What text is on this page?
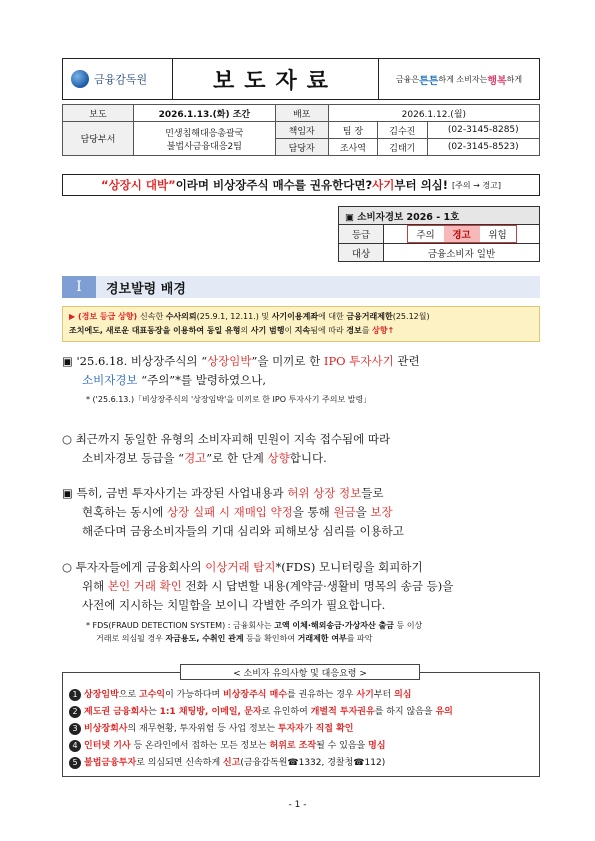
금융감독원	보도자료	금융은 튼튼 하게 소비자는 행복 하게
보도	2026.1.13.(화) 조간	배포	2026.1.12.(월)		
담당부서	민생침해대응총괄국
불법사금융대응2팀	책임자	팀 장	김수진	(02-3145-8285)
		담당자	조사역	김태기	(02-3145-8523)
“상장시 대박” 이라며 비상장주식 매수를 권유한다면? 사기 부터 의심! [주의 → 경고]
▣ 소비자경보 2026 - 1호	
등급	주의 경고 위험

대상	금융소비자 일반
I	경보발령 배경
▶ (경보 등급 상향) 신속한 수사의뢰(25.9.1, 12.11.) 및 사기이용계좌에 대한 금융거래제한(25.12월)
조치에도, 새로운 대표동장을 이용하여 동일 유형의 사기 범행이 지속됨에 따라 경보를 상향↑
▣ '25.6.18. 비상장주식의 “상장임박”을 미끼로 한 IPO 투자사기 관련
소비자경보 “주의”*를 발령하였으나,
* ('25.6.13.)「비상장주식의 '상장임박'을 미끼로 한 IPO 투자사기 주의보 발령」
○ 최근까지 동일한 유형의 소비자피해 민원이 지속 접수됨에 따라
소비자경보 등급을 “경고”로 한 단계 상향합니다.
▣ 특히, 금번 투자사기는 과장된 사업내용과 허위 상장 정보들로
현혹하는 동시에 상장 실패 시 재매입 약정을 통해 원금을 보장
해준다며 금융소비자들의 기대 심리와 피해보상 심리를 이용하고
○ 투자자들에게 금융회사의 이상거래 탐지*(FDS) 모니터링을 회피하기
위해 본인 거래 확인 전화 시 답변할 내용(계약금·생활비 명목의 송금 등)을
사전에 지시하는 치밀함을 보이니 각별한 주의가 필요합니다.
* FDS(FRAUD DETECTION SYSTEM) : 금융회사는 고액 이체·해외송금·가상자산 출금 등 이상
거래로 의심될 경우 자금용도, 수취인 관계 등을 확인하여 거래제한 여부를 파악
1 상장임박으로 고수익이 가능하다며 비상장주식 매수를 권유하는 경우 사기부터 의심
2 제도권 금융회사는 1:1 채팅방, 이메일, 문자로 유인하여 개별적 투자권유를 하지 않음을 유의
3 비상장회사의 재무현황, 투자위험 등 사업 정보는 투자자가 직접 확인
4 인터넷 기사 등 온라인에서 접하는 모든 정보는 허위로 조작될 수 있음을 명심
5 불법금융투자로 의심되면 신속하게 신고(금융감독원☎1332, 경찰청☎112)
< 소비자 유의사항 및 대응요령 >
- 1 -
